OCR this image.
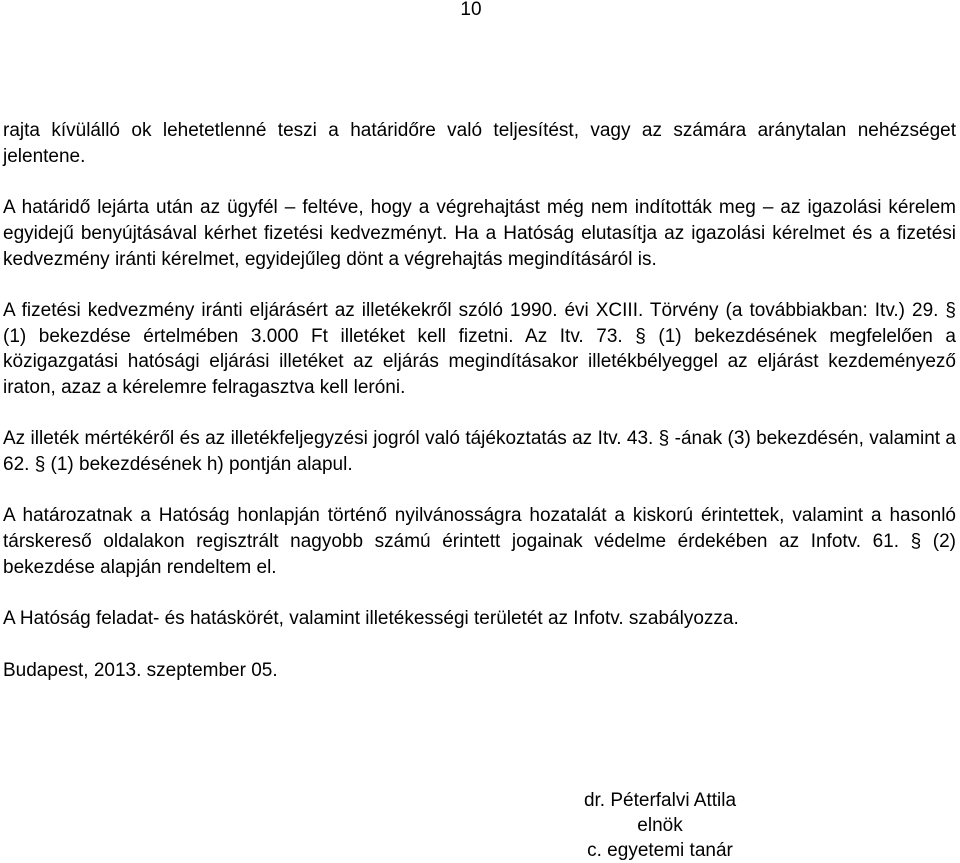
10

rajta kívülálló ok lehetetlenné teszi a határidőre való teljesítést, vagy az számára aránytalan nehézséget jelentene.

A határidő lejárta után az ügyfél – feltéve, hogy a végrehajtást még nem indították meg – az igazolási kérelem egyidejű benyújtásával kérhet fizetési kedvezményt. Ha a Hatóság elutasítja az igazolási kérelmet és a fizetési kedvezmény iránti kérelmet, egyidejűleg dönt a végrehajtás megindításáról is.

A fizetési kedvezmény iránti eljárásért az illetékekről szóló 1990. évi XCIII. Törvény (a továbbiakban: Itv.) 29. § (1) bekezdése értelmében 3.000 Ft illetéket kell fizetni. Az Itv. 73. § (1) bekezdésének megfelelően a közigazgatási hatósági eljárási illetéket az eljárás megindításakor illetékbélyeggel az eljárást kezdeményező iraton, azaz a kérelemre felragasztva kell leróni.

Az illeték mértékéről és az illetékfeljegyzési jogról való tájékoztatás az Itv. 43. § -ának (3) bekezdésén, valamint a 62. § (1) bekezdésének h) pontján alapul.

A határozatnak a Hatóság honlapján történő nyilvánosságra hozatalát a kiskorú érintettek, valamint a hasonló társkereső oldalakon regisztrált nagyobb számú érintett jogainak védelme érdekében az Infotv. 61. § (2) bekezdése alapján rendeltem el.

A Hatóság feladat- és hatáskörét, valamint illetékességi területét az Infotv. szabályozza.

Budapest, 2013. szeptember 05.

dr. Péterfalvi Attila
elnök
c. egyetemi tanár
